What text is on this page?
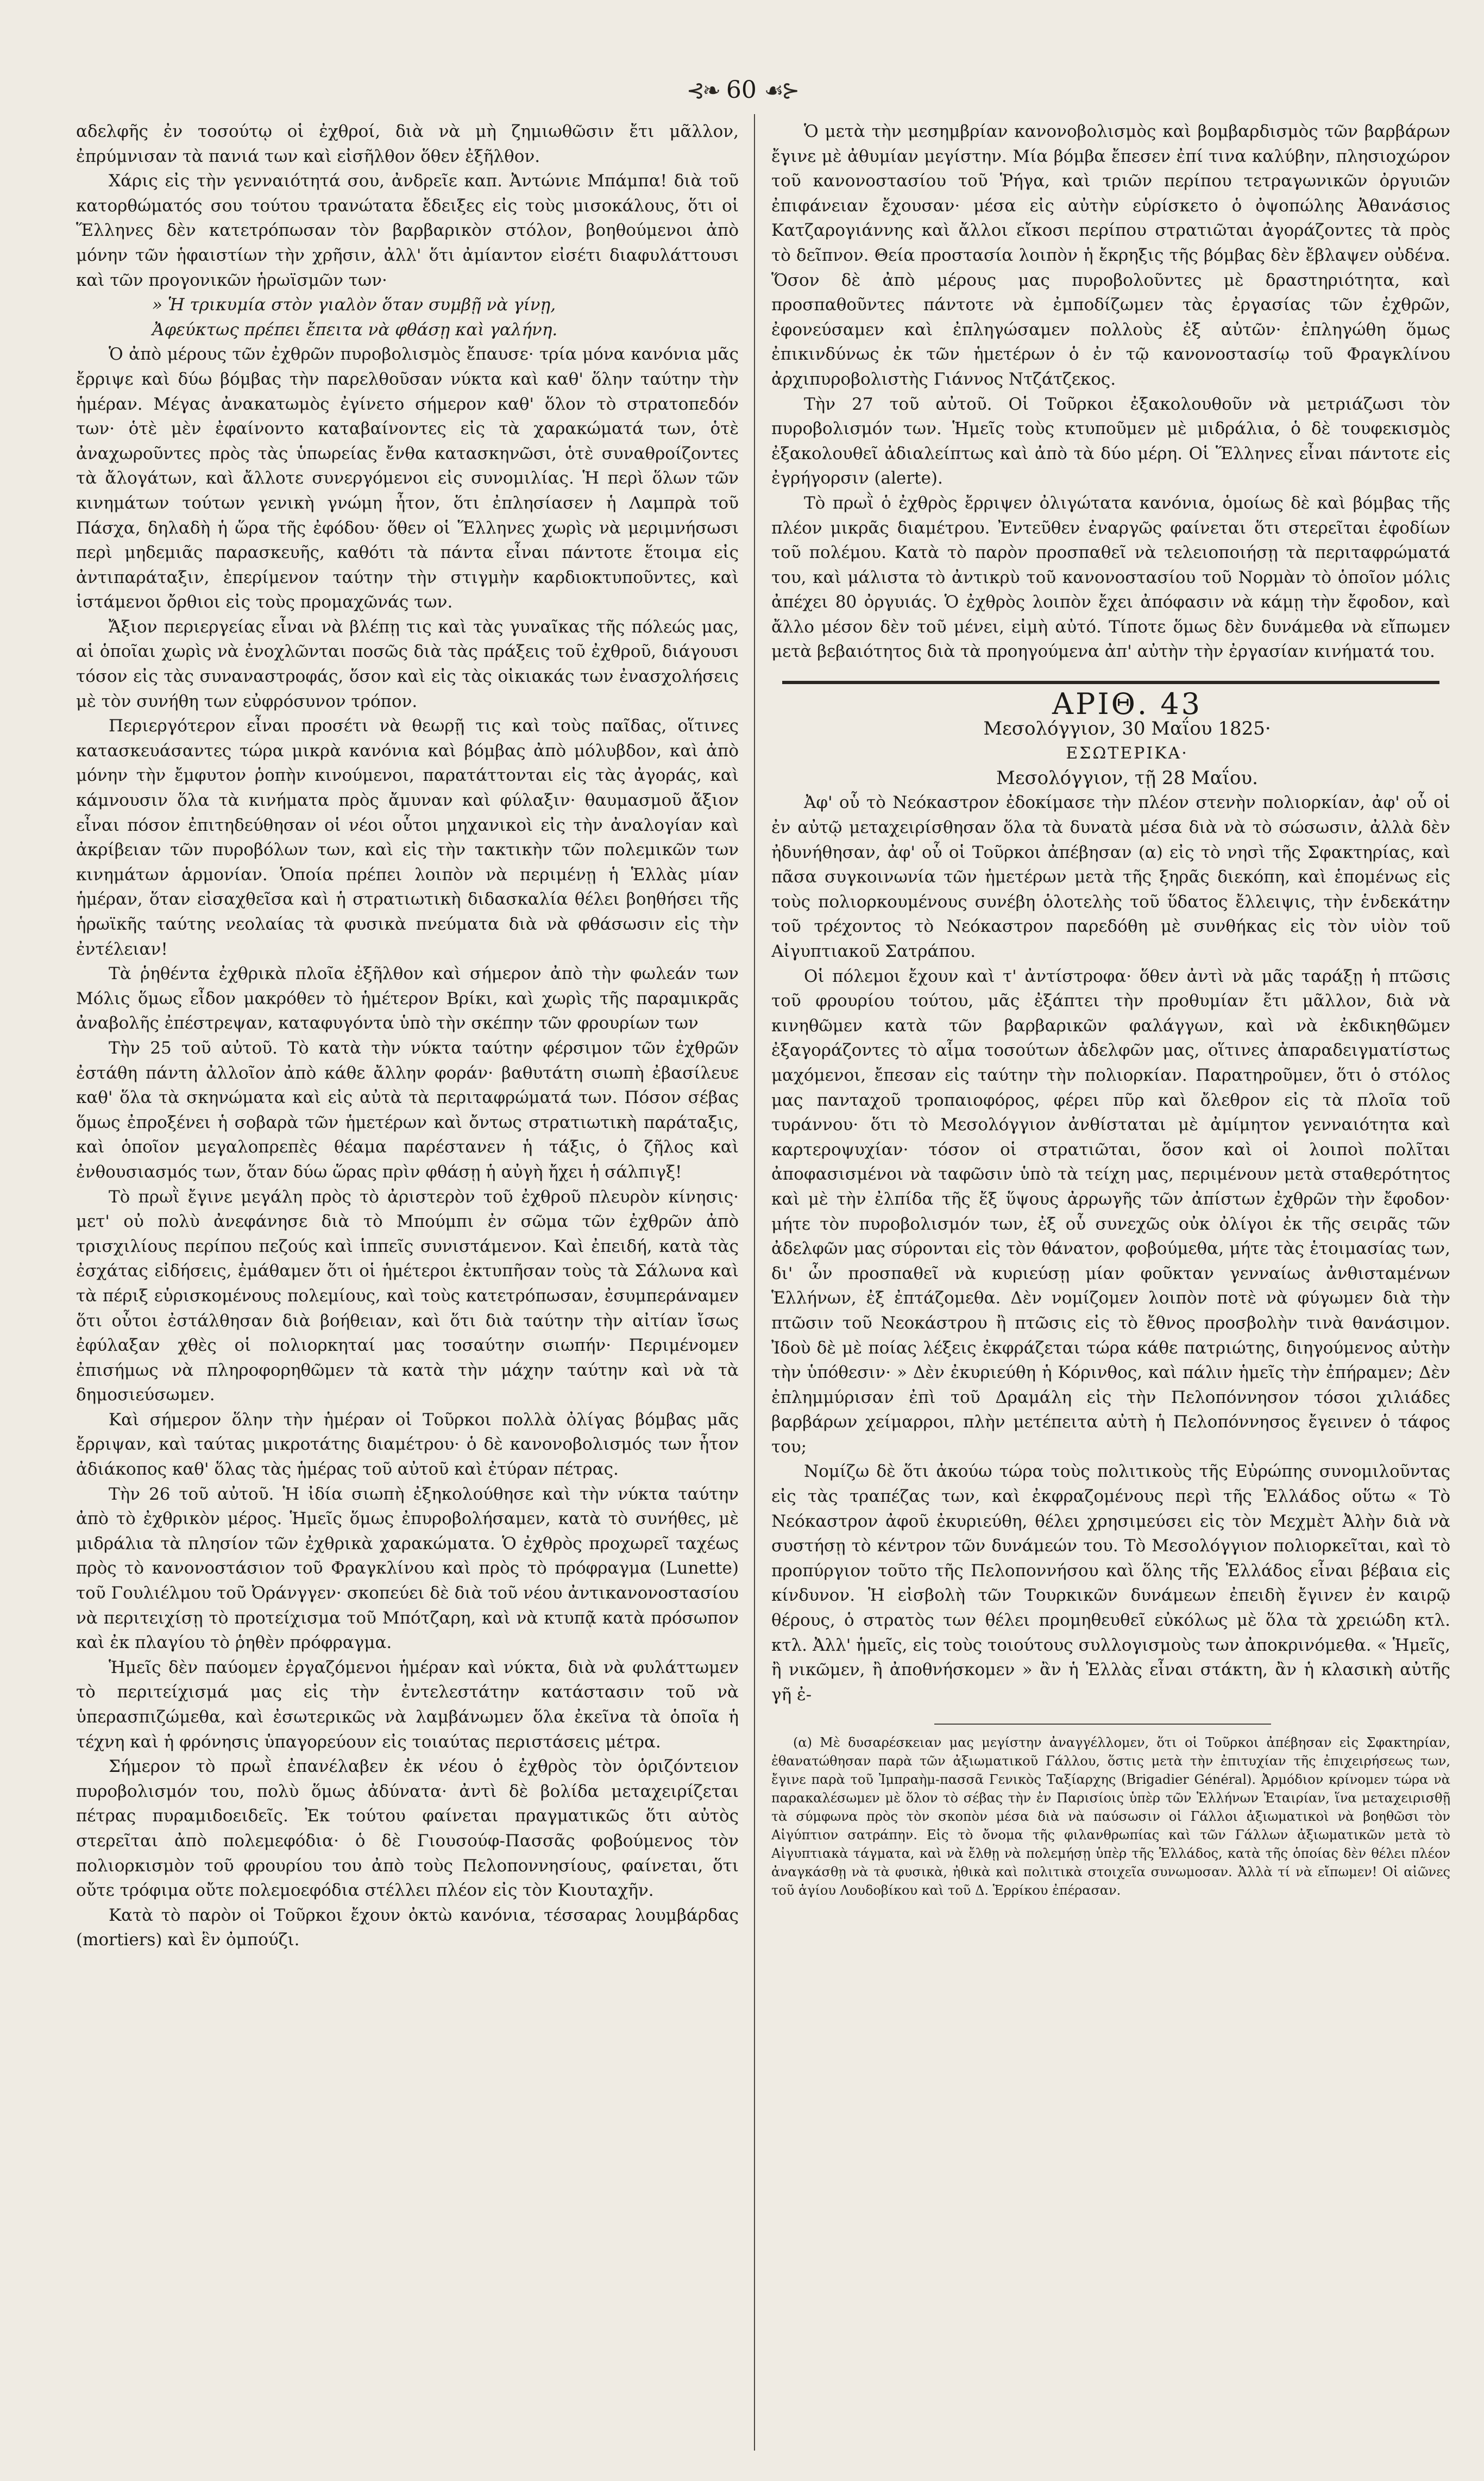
⊰❧ 60 ☙⊱

αδελφῆς ἐν τοσούτῳ οἱ ἐχθροί, διὰ νὰ μὴ ζημιωθῶσιν ἔτι μᾶλλον, ἐπρύμνισαν τὰ πανιά των καὶ εἰσῆλθον ὅθεν ἐξῆλθον.

Χάρις εἰς τὴν γενναιότητά σου, ἀνδρεῖε καπ. Ἀντώνιε Μπάμπα! διὰ τοῦ κατορθώματός σου τούτου τρανώτατα ἔδειξες εἰς τοὺς μισοκάλους, ὅτι οἱ Ἕλληνες δὲν κατετρόπωσαν τὸν βαρβαρικὸν στόλον, βοηθούμενοι ἀπὸ μόνην τῶν ἡφαιστίων τὴν χρῆσιν, ἀλλ' ὅτι ἀμίαντον εἰσέτι διαφυλάττουσι καὶ τῶν προγονικῶν ἡρωϊσμῶν των·

» Ἡ τρικυμία στὸν γιαλὸν ὅταν συμβῇ νὰ γίνῃ,

Ἀφεύκτως πρέπει ἔπειτα νὰ φθάσῃ καὶ γαλήνη.

Ὁ ἀπὸ μέρους τῶν ἐχθρῶν πυροβολισμὸς ἔπαυσε· τρία μόνα κανόνια μᾶς ἔρριψε καὶ δύω βόμβας τὴν παρελθοῦσαν νύκτα καὶ καθ' ὅλην ταύτην τὴν ἡμέραν. Μέγας ἀνακατωμὸς ἐγίνετο σήμερον καθ' ὅλον τὸ στρατοπεδόν των· ὁτὲ μὲν ἐφαίνοντο καταβαίνοντες εἰς τὰ χαρακώματά των, ὁτὲ ἀναχωροῦντες πρὸς τὰς ὑπωρείας ἔνθα κατασκηνῶσι, ὁτὲ συναθροίζοντες τὰ ἄλογάτων, καὶ ἄλλοτε συνεργόμενοι εἰς συνομιλίας. Ἡ περὶ ὅλων τῶν κινημάτων τούτων γενικὴ γνώμη ἦτον, ὅτι ἐπλησίασεν ἡ Λαμπρὰ τοῦ Πάσχα, δηλαδὴ ἡ ὥρα τῆς ἐφόδου· ὅθεν οἱ Ἕλληνες χωρὶς νὰ μεριμνήσωσι περὶ μηδεμιᾶς παρασκευῆς, καθότι τὰ πάντα εἶναι πάντοτε ἕτοιμα εἰς ἀντιπαράταξιν, ἐπερίμενον ταύτην τὴν στιγμὴν καρδιοκτυποῦντες, καὶ ἱστάμενοι ὄρθιοι εἰς τοὺς προμαχῶνάς των.

Ἄξιον περιεργείας εἶναι νὰ βλέπῃ τις καὶ τὰς γυναῖκας τῆς πόλεώς μας, αἱ ὁποῖαι χωρὶς νὰ ἐνοχλῶνται ποσῶς διὰ τὰς πράξεις τοῦ ἐχθροῦ, διάγουσι τόσον εἰς τὰς συναναστροφάς, ὅσον καὶ εἰς τὰς οἰκιακάς των ἐνασχολήσεις μὲ τὸν συνήθη των εὐφρόσυνον τρόπον.

Περιεργότερον εἶναι προσέτι νὰ θεωρῇ τις καὶ τοὺς παῖδας, οἵτινες κατασκευάσαντες τώρα μικρὰ κανόνια καὶ βόμβας ἀπὸ μόλυβδον, καὶ ἀπὸ μόνην τὴν ἔμφυτον ῥοπὴν κινούμενοι, παρατάττονται εἰς τὰς ἀγοράς, καὶ κάμνουσιν ὅλα τὰ κινήματα πρὸς ἄμυναν καὶ φύλαξιν· θαυμασμοῦ ἄξιον εἶναι πόσον ἐπιτηδεύθησαν οἱ νέοι οὗτοι μηχανικοὶ εἰς τὴν ἀναλογίαν καὶ ἀκρίβειαν τῶν πυροβόλων των, καὶ εἰς τὴν τακτικὴν τῶν πολεμικῶν των κινημάτων ἁρμονίαν. Ὁποία πρέπει λοιπὸν νὰ περιμένῃ ἡ Ἑλλὰς μίαν ἡμέραν, ὅταν εἰσαχθεῖσα καὶ ἡ στρατιωτικὴ διδασκαλία θέλει βοηθήσει τῆς ἡρωϊκῆς ταύτης νεολαίας τὰ φυσικὰ πνεύματα διὰ νὰ φθάσωσιν εἰς τὴν ἐντέλειαν!

Τὰ ῥηθέντα ἐχθρικὰ πλοῖα ἐξῆλθον καὶ σήμερον ἀπὸ τὴν φωλεάν των Μόλις ὅμως εἶδον μακρόθεν τὸ ἡμέτερον Βρίκι, καὶ χωρὶς τῆς παραμικρᾶς ἀναβολῆς ἐπέστρεψαν, καταφυγόντα ὑπὸ τὴν σκέπην τῶν φρουρίων των

Τὴν 25 τοῦ αὐτοῦ. Τὸ κατὰ τὴν νύκτα ταύτην φέρσιμον τῶν ἐχθρῶν ἐστάθη πάντη ἀλλοῖον ἀπὸ κάθε ἄλλην φοράν· βαθυτάτη σιωπὴ ἐβασίλευε καθ' ὅλα τὰ σκηνώματα καὶ εἰς αὐτὰ τὰ περιταφρώματά των. Πόσον σέβας ὅμως ἐπροξένει ἡ σοβαρὰ τῶν ἡμετέρων καὶ ὄντως στρατιωτικὴ παράταξις, καὶ ὁποῖον μεγαλοπρεπὲς θέαμα παρέστανεν ἡ τάξις, ὁ ζῆλος καὶ ἐνθουσιασμός των, ὅταν δύω ὥρας πρὶν φθάσῃ ἡ αὐγὴ ἤχει ἡ σάλπιγξ!

Τὸ πρωῒ ἔγινε μεγάλη πρὸς τὸ ἀριστερὸν τοῦ ἐχθροῦ πλευρὸν κίνησις· μετ' οὐ πολὺ ἀνεφάνησε διὰ τὸ Μπούμπι ἐν σῶμα τῶν ἐχθρῶν ἀπὸ τρισχιλίους περίπου πεζούς καὶ ἱππεῖς συνιστάμενον. Καὶ ἐπειδή, κατὰ τὰς ἐσχάτας εἰδήσεις, ἐμάθαμεν ὅτι οἱ ἡμέτεροι ἐκτυπῆσαν τοὺς τὰ Σάλωνα καὶ τὰ πέριξ εὑρισκομένους πολεμίους, καὶ τοὺς κατετρόπωσαν, ἐσυμπεράναμεν ὅτι οὗτοι ἐστάλθησαν διὰ βοήθειαν, καὶ ὅτι διὰ ταύτην τὴν αἰτίαν ἴσως ἐφύλαξαν χθὲς οἱ πολιορκηταί μας τοσαύτην σιωπήν· Περιμένομεν ἐπισήμως νὰ πληροφορηθῶμεν τὰ κατὰ τὴν μάχην ταύτην καὶ νὰ τὰ δημοσιεύσωμεν.

Καὶ σήμερον ὅλην τὴν ἡμέραν οἱ Τοῦρκοι πολλὰ ὀλίγας βόμβας μᾶς ἔρριψαν, καὶ ταύτας μικροτάτης διαμέτρου· ὁ δὲ κανονοβολισμός των ἦτον ἀδιάκοπος καθ' ὅλας τὰς ἡμέρας τοῦ αὐτοῦ καὶ ἐτύραν πέτρας.

Τὴν 26 τοῦ αὐτοῦ. Ἡ ἰδία σιωπὴ ἐξηκολούθησε καὶ τὴν νύκτα ταύτην ἀπὸ τὸ ἐχθρικὸν μέρος. Ἡμεῖς ὅμως ἐπυροβολήσαμεν, κατὰ τὸ συνήθες, μὲ μιδράλια τὰ πλησίον τῶν ἐχθρικὰ χαρακώματα. Ὁ ἐχθρὸς προχωρεῖ ταχέως πρὸς τὸ κανονοστάσιον τοῦ Φραγκλίνου καὶ πρὸς τὸ πρόφραγμα (Lunette) τοῦ Γουλιέλμου τοῦ Ὀράνγγεν· σκοπεύει δὲ διὰ τοῦ νέου ἀντικανονοστασίου νὰ περιτειχίσῃ τὸ προτείχισμα τοῦ Μπότζαρη, καὶ νὰ κτυπᾷ κατὰ πρόσωπον καὶ ἐκ πλαγίου τὸ ῥηθὲν πρόφραγμα.

Ἡμεῖς δὲν παύομεν ἐργαζόμενοι ἡμέραν καὶ νύκτα, διὰ νὰ φυλάττωμεν τὸ περιτείχισμά μας εἰς τὴν ἐντελεστάτην κατάστασιν τοῦ νὰ ὑπερασπιζώμεθα, καὶ ἐσωτερικῶς νὰ λαμβάνωμεν ὅλα ἐκεῖνα τὰ ὁποῖα ἡ τέχνη καὶ ἡ φρόνησις ὑπαγορεύουν εἰς τοιαύτας περιστάσεις μέτρα.

Σήμερον τὸ πρωῒ ἐπανέλαβεν ἐκ νέου ὁ ἐχθρὸς τὸν ὁριζόντειον πυροβολισμόν του, πολὺ ὅμως ἀδύνατα· ἀντὶ δὲ βολίδα μεταχειρίζεται πέτρας πυραμιδοειδεῖς. Ἐκ τούτου φαίνεται πραγματικῶς ὅτι αὐτὸς στερεῖται ἀπὸ πολεμεφόδια· ὁ δὲ Γιουσούφ-Πασσᾶς φοβούμενος τὸν πολιορκισμὸν τοῦ φρουρίου του ἀπὸ τοὺς Πελοποννησίους, φαίνεται, ὅτι οὔτε τρόφιμα οὔτε πολεμοεφόδια στέλλει πλέον εἰς τὸν Κιουταχῆν.

Κατὰ τὸ παρὸν οἱ Τοῦρκοι ἔχουν ὀκτὼ κανόνια, τέσσαρας λουμβάρδας (mortiers) καὶ ἓν ὀμπούζι.

Ὁ μετὰ τὴν μεσημβρίαν κανονοβολισμὸς καὶ βομβαρδισμὸς τῶν βαρβάρων ἔγινε μὲ ἀθυμίαν μεγίστην. Μία βόμβα ἔπεσεν ἐπί τινα καλύβην, πλησιοχώρον τοῦ κανονοστασίου τοῦ Ῥήγα, καὶ τριῶν περίπου τετραγωνικῶν ὀργυιῶν ἐπιφάνειαν ἔχουσαν· μέσα εἰς αὐτὴν εὑρίσκετο ὁ ὀψοπώλης Ἀθανάσιος Κατζαρογιάννης καὶ ἄλλοι εἴκοσι περίπου στρατιῶται ἀγοράζοντες τὰ πρὸς τὸ δεῖπνον. Θεία προστασία λοιπὸν ἡ ἔκρηξις τῆς βόμβας δὲν ἔβλαψεν οὐδένα. Ὅσον δὲ ἀπὸ μέρους μας πυροβολοῦντες μὲ δραστηριότητα, καὶ προσπαθοῦντες πάντοτε νὰ ἐμποδίζωμεν τὰς ἐργασίας τῶν ἐχθρῶν, ἐφονεύσαμεν καὶ ἐπληγώσαμεν πολλοὺς ἐξ αὐτῶν· ἐπληγώθη ὅμως ἐπικινδύνως ἐκ τῶν ἡμετέρων ὁ ἐν τῷ κανονοστασίῳ τοῦ Φραγκλίνου ἀρχιπυροβολιστὴς Γιάννος Ντζάτζεκος.

Τὴν 27 τοῦ αὐτοῦ. Οἱ Τοῦρκοι ἐξακολουθοῦν νὰ μετριάζωσι τὸν πυροβολισμόν των. Ἡμεῖς τοὺς κτυποῦμεν μὲ μιδράλια, ὁ δὲ τουφεκισμὸς ἐξακολουθεῖ ἀδιαλείπτως καὶ ἀπὸ τὰ δύο μέρη. Οἱ Ἕλληνες εἶναι πάντοτε εἰς ἐγρήγορσιν (alerte).

Τὸ πρωῒ ὁ ἐχθρὸς ἔρριψεν ὀλιγώτατα κανόνια, ὁμοίως δὲ καὶ βόμβας τῆς πλέον μικρᾶς διαμέτρου. Ἐντεῦθεν ἐναργῶς φαίνεται ὅτι στερεῖται ἐφοδίων τοῦ πολέμου. Κατὰ τὸ παρὸν προσπαθεῖ νὰ τελειοποιήσῃ τὰ περιταφρώματά του, καὶ μάλιστα τὸ ἀντικρὺ τοῦ κανονοστασίου τοῦ Νορμὰν τὸ ὁποῖον μόλις ἀπέχει 80 ὀργυιάς. Ὁ ἐχθρὸς λοιπὸν ἔχει ἀπόφασιν νὰ κάμῃ τὴν ἔφοδον, καὶ ἄλλο μέσον δὲν τοῦ μένει, εἰμὴ αὐτό. Τίποτε ὅμως δὲν δυνάμεθα νὰ εἴπωμεν μετὰ βεβαιότητος διὰ τὰ προηγούμενα ἀπ' αὐτὴν τὴν ἐργασίαν κινήματά του.

ΑΡΙΘ. 43

Μεσολόγγιον, 30 Μαΐου 1825·

ΕΣΩΤΕΡΙΚΑ·

Μεσολόγγιον, τῇ 28 Μαΐου.

Ἀφ' οὗ τὸ Νεόκαστρον ἐδοκίμασε τὴν πλέον στενὴν πολιορκίαν, ἀφ' οὗ οἱ ἐν αὐτῷ μεταχειρίσθησαν ὅλα τὰ δυνατὰ μέσα διὰ νὰ τὸ σώσωσιν, ἀλλὰ δὲν ἠδυνήθησαν, ἀφ' οὗ οἱ Τοῦρκοι ἀπέβησαν (α) εἰς τὸ νησὶ τῆς Σφακτηρίας, καὶ πᾶσα συγκοινωνία τῶν ἡμετέρων μετὰ τῆς ξηρᾶς διεκόπη, καὶ ἑπομένως εἰς τοὺς πολιορκουμένους συνέβη ὁλοτελὴς τοῦ ὕδατος ἔλλειψις, τὴν ἑνδεκάτην τοῦ τρέχοντος τὸ Νεόκαστρον παρεδόθη μὲ συνθήκας εἰς τὸν υἱὸν τοῦ Αἰγυπτιακοῦ Σατράπου.

Οἱ πόλεμοι ἔχουν καὶ τ' ἀντίστροφα· ὅθεν ἀντὶ νὰ μᾶς ταράξῃ ἡ πτῶσις τοῦ φρουρίου τούτου, μᾶς ἐξάπτει τὴν προθυμίαν ἔτι μᾶλλον, διὰ νὰ κινηθῶμεν κατὰ τῶν βαρβαρικῶν φαλάγγων, καὶ νὰ ἐκδικηθῶμεν ἐξαγοράζοντες τὸ αἷμα τοσούτων ἀδελφῶν μας, οἵτινες ἀπαραδειγματίστως μαχόμενοι, ἔπεσαν εἰς ταύτην τὴν πολιορκίαν. Παρατηροῦμεν, ὅτι ὁ στόλος μας πανταχοῦ τροπαιοφόρος, φέρει πῦρ καὶ ὄλεθρον εἰς τὰ πλοῖα τοῦ τυράννου· ὅτι τὸ Μεσολόγγιον ἀνθίσταται μὲ ἀμίμητον γενναιότητα καὶ καρτεροψυχίαν· τόσον οἱ στρατιῶται, ὅσον καὶ οἱ λοιποὶ πολῖται ἀποφασισμένοι νὰ ταφῶσιν ὑπὸ τὰ τείχη μας, περιμένουν μετὰ σταθερότητος καὶ μὲ τὴν ἐλπίδα τῆς ἔξ ὕψους ἀρρωγῆς τῶν ἀπίστων ἐχθρῶν τὴν ἔφοδον· μήτε τὸν πυροβολισμόν των, ἐξ οὗ συνεχῶς οὐκ ὀλίγοι ἐκ τῆς σειρᾶς τῶν ἀδελφῶν μας σύρονται εἰς τὸν θάνατον, φοβούμεθα, μήτε τὰς ἑτοιμασίας των, δι' ὧν προσπαθεῖ νὰ κυριεύσῃ μίαν φοῦκταν γενναίως ἀνθισταμένων Ἑλλήνων, ἐξ ἐπτάζομεθα. Δὲν νομίζομεν λοιπὸν ποτὲ νὰ φύγωμεν διὰ τὴν πτῶσιν τοῦ Νεοκάστρου ἢ πτῶσις εἰς τὸ ἔθνος προσβολὴν τινὰ θανάσιμον. Ἰδοὺ δὲ μὲ ποίας λέξεις ἐκφράζεται τώρα κάθε πατριώτης, διηγούμενος αὐτὴν τὴν ὑπόθεσιν· » Δὲν ἐκυριεύθη ἡ Κόρινθος, καὶ πάλιν ἡμεῖς τὴν ἐπήραμεν; Δὲν ἐπλημμύρισαν ἐπὶ τοῦ Δραμάλη εἰς τὴν Πελοπόννησον τόσοι χιλιάδες βαρβάρων χείμαρροι, πλὴν μετέπειτα αὐτὴ ἡ Πελοπόννησος ἔγεινεν ὁ τάφος του;

Νομίζω δὲ ὅτι ἀκούω τώρα τοὺς πολιτικοὺς τῆς Εὐρώπης συνομιλοῦντας εἰς τὰς τραπέζας των, καὶ ἐκφραζομένους περὶ τῆς Ἑλλάδος οὕτω « Τὸ Νεόκαστρον ἀφοῦ ἐκυριεύθη, θέλει χρησιμεύσει εἰς τὸν Μεχμὲτ Ἀλὴν διὰ νὰ συστήσῃ τὸ κέντρον τῶν δυνάμεών του. Τὸ Μεσολόγγιον πολιορκεῖται, καὶ τὸ προπύργιον τοῦτο τῆς Πελοποννήσου καὶ ὅλης τῆς Ἑλλάδος εἶναι βέβαια εἰς κίνδυνον. Ἡ εἰσβολὴ τῶν Τουρκικῶν δυνάμεων ἐπειδὴ ἔγινεν ἐν καιρῷ θέρους, ὁ στρατὸς των θέλει προμηθευθεῖ εὐκόλως μὲ ὅλα τὰ χρειώδη κτλ. κτλ. Ἀλλ' ἡμεῖς, εἰς τοὺς τοιούτους συλλογισμοὺς των ἀποκρινόμεθα. « Ἡμεῖς, ἢ νικῶμεν, ἢ ἀποθνήσκομεν » ἂν ἡ Ἑλλὰς εἶναι στάκτη, ἂν ἡ κλασικὴ αὐτῆς γῆ ἐ-

(α) Μὲ δυσαρέσκειαν μας μεγίστην ἀναγγέλλομεν, ὅτι οἱ Τοῦρκοι ἀπέβησαν εἰς Σφακτηρίαν, ἐθανατώθησαν παρὰ τῶν ἀξιωματικοῦ Γάλλου, ὅστις μετὰ τὴν ἐπιτυχίαν τῆς ἐπιχειρήσεως των, ἔγινε παρὰ τοῦ Ἰμπραὴμ-πασσᾶ Γενικὸς Ταξίαρχης (Brigadier Général). Ἀρμόδιον κρίνομεν τώρα νὰ παρακαλέσωμεν μὲ ὅλον τὸ σέβας τὴν ἐν Παρισίοις ὑπὲρ τῶν Ἑλλήνων Ἑταιρίαν, ἵνα μεταχειρισθῇ τὰ σύμφωνα πρὸς τὸν σκοπὸν μέσα διὰ νὰ παύσωσιν οἱ Γάλλοι ἀξιωματικοὶ νὰ βοηθῶσι τὸν Αἰγύπτιον σατράπην. Εἰς τὸ ὄνομα τῆς φιλανθρωπίας καὶ τῶν Γάλλων ἀξιωματικῶν μετὰ τὸ Αἰγυπτιακὰ τάγματα, καὶ νὰ ἔλθῃ νὰ πολεμήσῃ ὑπὲρ τῆς Ἑλλάδος, κατὰ τῆς ὁποίας δὲν θέλει πλέον ἀναγκάσθῃ νὰ τὰ φυσικὰ, ἠθικὰ καὶ πολιτικὰ στοιχεῖα συνωμοσαν. Ἀλλὰ τί νὰ εἴπωμεν! Οἱ αἰῶνες τοῦ ἁγίου Λουδοβίκου καὶ τοῦ Δ. Ἑρρίκου ἐπέρασαν.
